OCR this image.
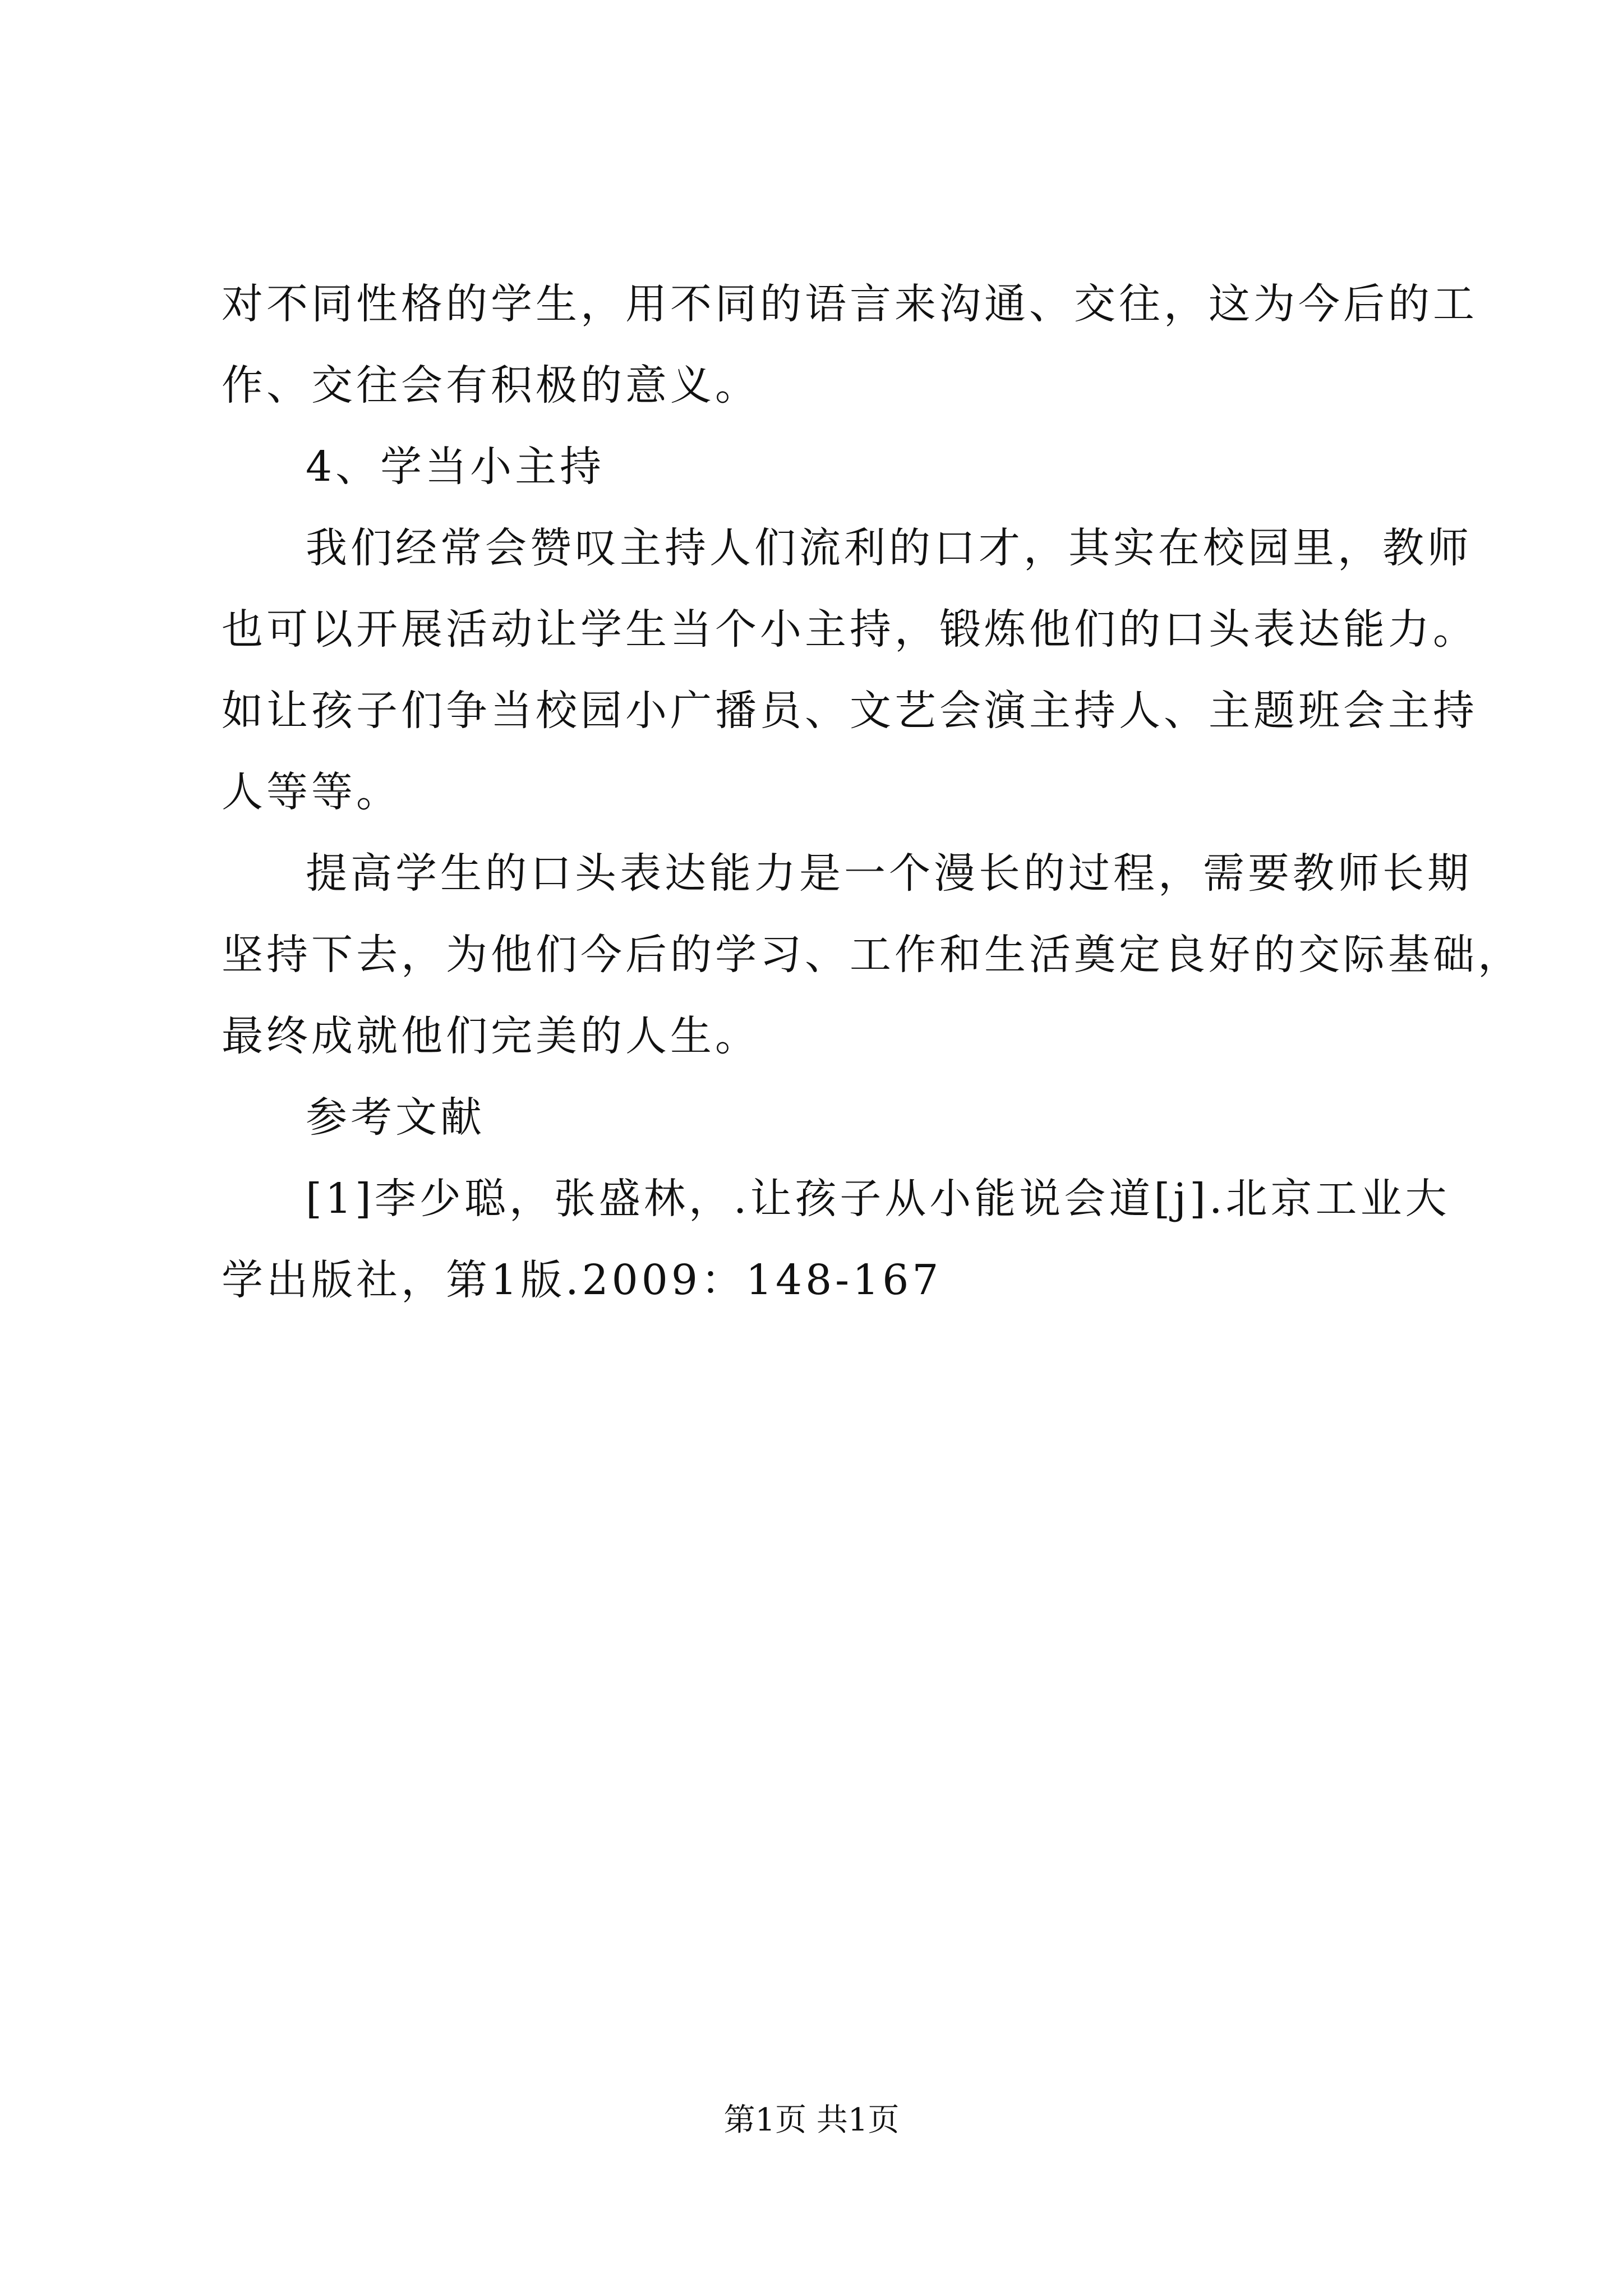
对不同性格的学生，用不同的语言来沟通、交往，这为今后的工
作、交往会有积极的意义。
4、学当小主持
我们经常会赞叹主持人们流利的口才，其实在校园里，教师
也可以开展活动让学生当个小主持，锻炼他们的口头表达能力。
如让孩子们争当校园小广播员、文艺会演主持人、主题班会主持
人等等。
提高学生的口头表达能力是一个漫长的过程，需要教师长期
坚持下去，为他们今后的学习、工作和生活奠定良好的交际基础，
最终成就他们完美的人生。
参考文献
[1]李少聪，张盛林，.让孩子从小能说会道[j].北京工业大
学出版社，第1版.2009：148-167
第1页 共1页
